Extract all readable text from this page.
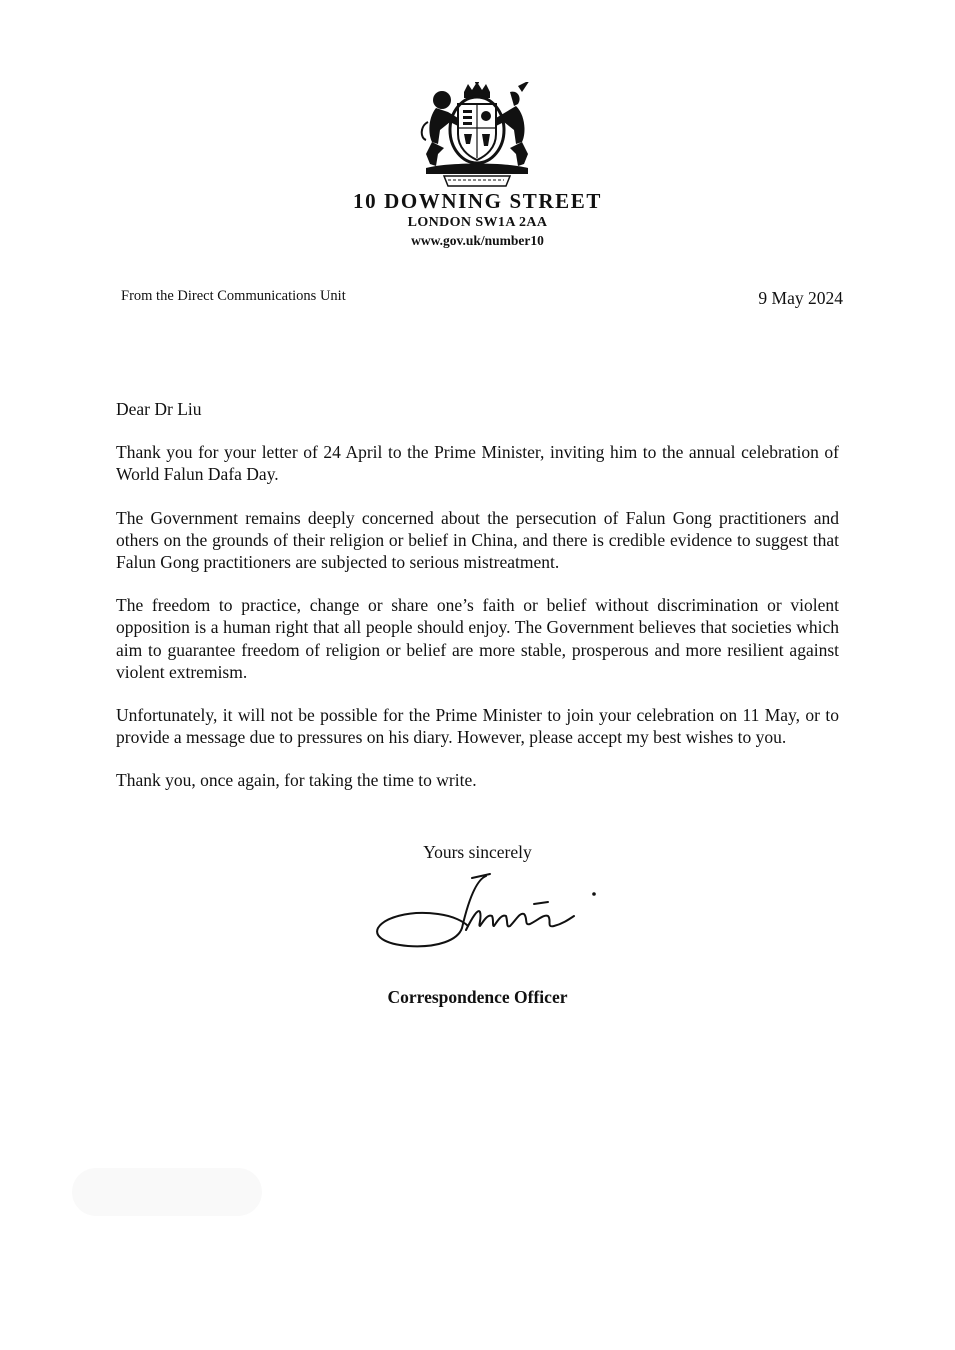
10 DOWNING STREET
LONDON SW1A 2AA
www.gov.uk/number10
From the Direct Communications Unit	9 May 2024

Dear Dr Liu

Thank you for your letter of 24 April to the Prime Minister, inviting him to the annual celebration of World Falun Dafa Day.

The Government remains deeply concerned about the persecution of Falun Gong practitioners and others on the grounds of their religion or belief in China, and there is credible evidence to suggest that Falun Gong practitioners are subjected to serious mistreatment.

The freedom to practice, change or share one’s faith or belief without discrimination or violent opposition is a human right that all people should enjoy. The Government believes that societies which aim to guarantee freedom of religion or belief are more stable, prosperous and more resilient against violent extremism.

Unfortunately, it will not be possible for the Prime Minister to join your celebration on 11 May, or to provide a message due to pressures on his diary. However, please accept my best wishes to you.

Thank you, once again, for taking the time to write.

Yours sincerely
Correspondence Officer
